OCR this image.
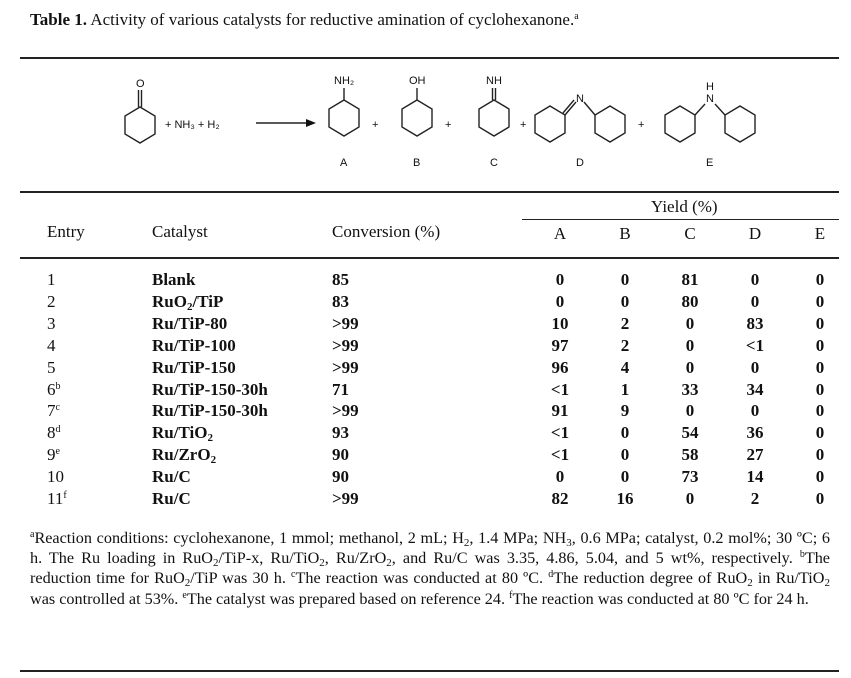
Table 1. Activity of various catalysts for reductive amination of cyclohexanone.$^a$
O
+ NH₃ + H₂	+	+	+	+
NH₂	OH	NH
N
H
N
A	B	C	D	E
Entry	Catalyst	Conversion (%)
Yield (%)
A	B	C	D	E
1	Blank	85	0	0	81	0	0
2	RuO$_2$/TiP	83	0	0	80	0	0
3	Ru/TiP-80	>99	10	2	0	83	0
4	Ru/TiP-100	>99	97	2	0	<1	0
5	Ru/TiP-150	>99	96	4	0	0	0
6$^b$	Ru/TiP-150-30h	71	<1	1	33	34	0
7$^c$	Ru/TiP-150-30h	>99	91	9	0	0	0
8$^d$	Ru/TiO$_2$	93	<1	0	54	36	0
9e	Ru/ZrO$_2$	90	<1	0	58	27	0
10	Ru/C	90	0	0	73	14	0
11$^f$	Ru/C	>99	82	16	0	2	0
$^a$Reaction conditions: cyclohexanone, 1 mmol; methanol, 2 mL; $H_2$, 1.4 MPa; $NH_3$, 0.6 MPa; catalyst, 0.2 mol%; 30 ºC; 6 h. The Ru loading in RuO$_2$/TiP-x, Ru/TiO$_2$, Ru/ZrO$_2$, and Ru/C was 3.35, 4.86, 5.04, and 5 wt%, respectively. $^b$The reduction time for RuO$_2$/TiP was 30 h. $^c$The reaction was conducted at 80 ºC. $^d$The reduction degree of RuO$_2$ in Ru/TiO$_2$ was controlled at 53%. $^e$The catalyst was prepared based on reference 24. $^f$The reaction was conducted at 80 ºC for 24 h.
